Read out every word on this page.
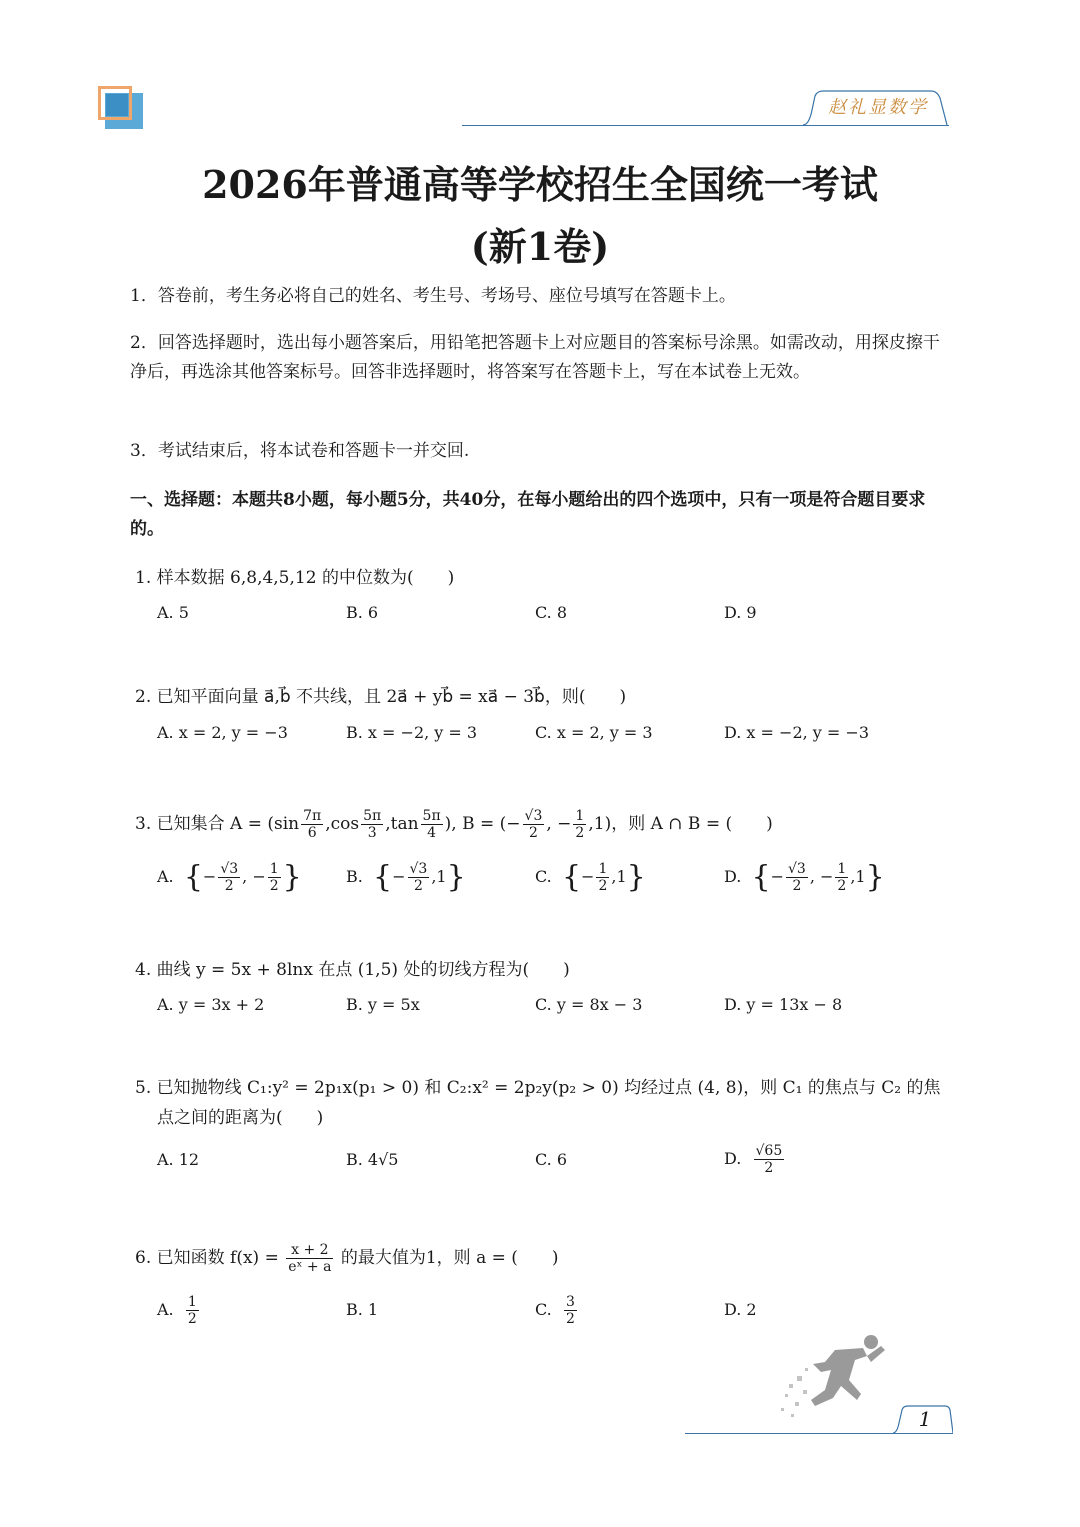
赵礼显数学
2026年普通高等学校招生全国统一考试
(新1卷)
1．答卷前，考生务必将自己的姓名、考生号、考场号、座位号填写在答题卡上。
2．回答选择题时，选出每小题答案后，用铅笔把答题卡上对应题目的答案标号涂黑。如需改动，用探皮擦干净后，再选涂其他答案标号。回答非选择题时，将答案写在答题卡上，写在本试卷上无效。
3．考试结束后，将本试卷和答题卡一并交回.
一、选择题：本题共8小题，每小题5分，共40分，在每小题给出的四个选项中，只有一项是符合题目要求的。
1. 样本数据 6,8,4,5,12 的中位数为(　　)
A. 5	B. 6	C. 8	D. 9
2. 已知平面向量 a⃗,b⃗ 不共线，且 2a⃗ + yb⃗ = xa⃗ − 3b⃗，则(　　)
A. x = 2, y = −3	B. x = −2, y = 3	C. x = 2, y = 3	D. x = −2, y = −3
3. 已知集合 $A = (\sin \frac{7\pi}{6} ,\cos \frac{5\pi}{3} ,\tan \frac{5\pi}{4}$ ), B = (− $\frac{√3}{2}$ , − $\frac{1}{2} ,1$)，则 A ∩ B = (　　)
A. {− $\frac{√3}{2}$ , − $\frac{1}{2}$ }	B. {− $\frac{√3}{2} ,1$}	C. {− $\frac{1}{2} ,1$}	D. {− $\frac{√3}{2}$ , − $\frac{1}{2} ,1$}
4. 曲线 y = 5x + 8lnx 在点 (1,5) 处的切线方程为(　　)
A. y = 3x + 2	B. y = 5x	C. y = 8x − 3	D. y = 13x − 8
5. 已知抛物线 C₁:y² = 2p₁x(p₁ > 0) 和 C₂:x² = 2p₂y(p₂ > 0) 均经过点 (4, 8)，则 C₁ 的焦点与 C₂ 的焦
点之间的距离为(　　)
A. 12	B. 4√5	C. 6	D. $\frac{√65}{2}$
6. 已知函数 $f(x) = \frac{x + 2}{\text{eˣ + a}}$ 的最大值为1，则 a = (　　)
A. $\frac{1}{2}$	B. 1	C. $\frac{3}{2}$	D. 2
1
